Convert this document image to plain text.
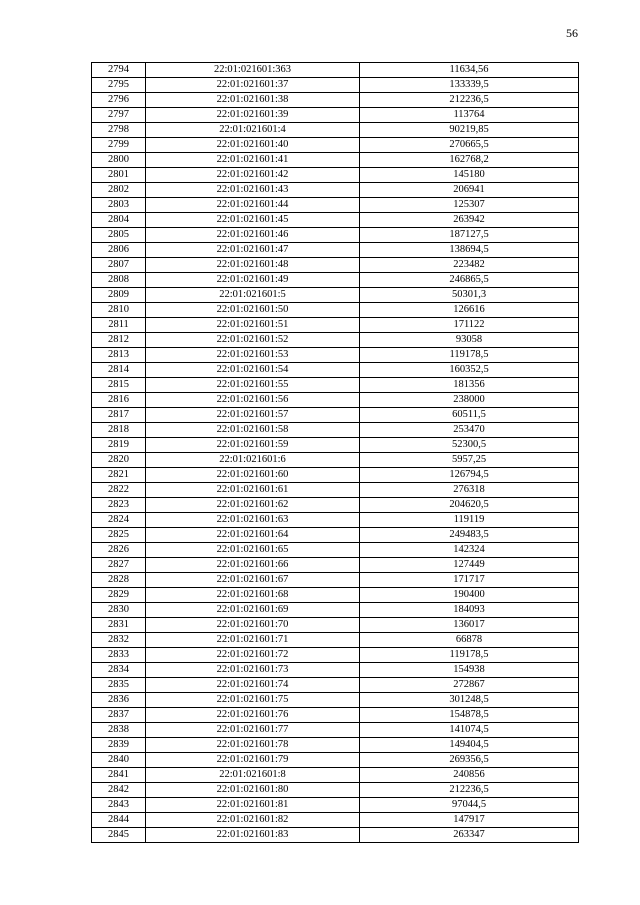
56
2794	22:01:021601:363	11634,56
2795	22:01:021601:37	133339,5
2796	22:01:021601:38	212236,5
2797	22:01:021601:39	113764
2798	22:01:021601:4	90219,85
2799	22:01:021601:40	270665,5
2800	22:01:021601:41	162768,2
2801	22:01:021601:42	145180
2802	22:01:021601:43	206941
2803	22:01:021601:44	125307
2804	22:01:021601:45	263942
2805	22:01:021601:46	187127,5
2806	22:01:021601:47	138694,5
2807	22:01:021601:48	223482
2808	22:01:021601:49	246865,5
2809	22:01:021601:5	50301,3
2810	22:01:021601:50	126616
2811	22:01:021601:51	171122
2812	22:01:021601:52	93058
2813	22:01:021601:53	119178,5
2814	22:01:021601:54	160352,5
2815	22:01:021601:55	181356
2816	22:01:021601:56	238000
2817	22:01:021601:57	60511,5
2818	22:01:021601:58	253470
2819	22:01:021601:59	52300,5
2820	22:01:021601:6	5957,25
2821	22:01:021601:60	126794,5
2822	22:01:021601:61	276318
2823	22:01:021601:62	204620,5
2824	22:01:021601:63	119119
2825	22:01:021601:64	249483,5
2826	22:01:021601:65	142324
2827	22:01:021601:66	127449
2828	22:01:021601:67	171717
2829	22:01:021601:68	190400
2830	22:01:021601:69	184093
2831	22:01:021601:70	136017
2832	22:01:021601:71	66878
2833	22:01:021601:72	119178,5
2834	22:01:021601:73	154938
2835	22:01:021601:74	272867
2836	22:01:021601:75	301248,5
2837	22:01:021601:76	154878,5
2838	22:01:021601:77	141074,5
2839	22:01:021601:78	149404,5
2840	22:01:021601:79	269356,5
2841	22:01:021601:8	240856
2842	22:01:021601:80	212236,5
2843	22:01:021601:81	97044,5
2844	22:01:021601:82	147917
2845	22:01:021601:83	263347
